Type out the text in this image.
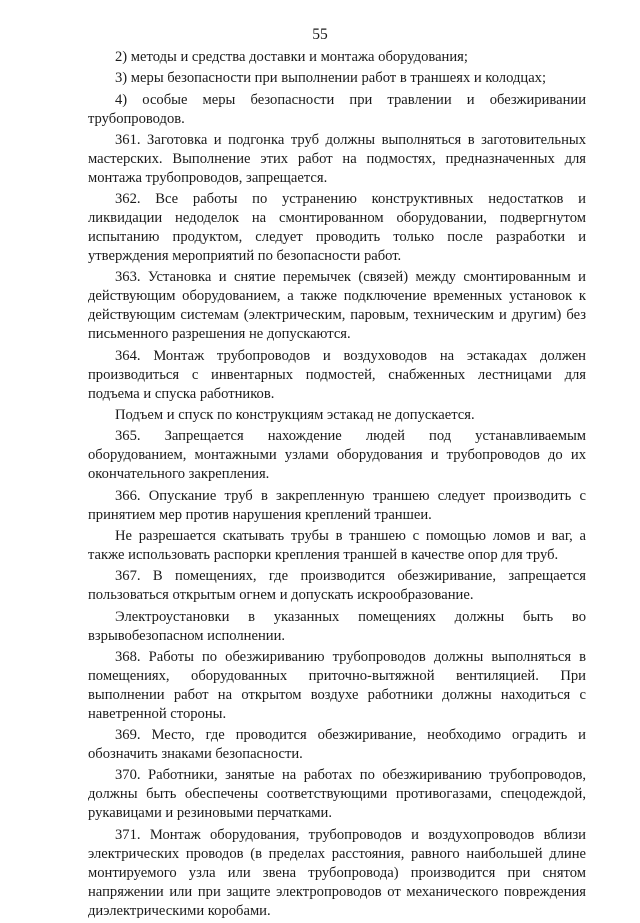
55

2) методы и средства доставки и монтажа оборудования;

3) меры безопасности при выполнении работ в траншеях и колодцах;

4) особые меры безопасности при травлении и обезжиривании трубопроводов.

361. Заготовка и подгонка труб должны выполняться в заготовительных мастерских. Выполнение этих работ на подмостях, предназначенных для монтажа трубопроводов, запрещается.

362. Все работы по устранению конструктивных недостатков и ликвидации недоделок на смонтированном оборудовании, подвергнутом испытанию продуктом, следует проводить только после разработки и утверждения мероприятий по безопасности работ.

363. Установка и снятие перемычек (связей) между смонтированным и действующим оборудованием, а также подключение временных установок к действующим системам (электрическим, паровым, техническим и другим) без письменного разрешения не допускаются.

364. Монтаж трубопроводов и воздуховодов на эстакадах должен производиться с инвентарных подмостей, снабженных лестницами для подъема и спуска работников.

Подъем и спуск по конструкциям эстакад не допускается.

365. Запрещается нахождение людей под устанавливаемым оборудованием, монтажными узлами оборудования и трубопроводов до их окончательного закрепления.

366. Опускание труб в закрепленную траншею следует производить с принятием мер против нарушения креплений траншеи.

Не разрешается скатывать трубы в траншею с помощью ломов и ваг, а также использовать распорки крепления траншей в качестве опор для труб.

367. В помещениях, где производится обезжиривание, запрещается пользоваться открытым огнем и допускать искрообразование.

Электроустановки в указанных помещениях должны быть во взрывобезопасном исполнении.

368. Работы по обезжириванию трубопроводов должны выполняться в помещениях, оборудованных приточно-вытяжной вентиляцией. При выполнении работ на открытом воздухе работники должны находиться с наветренной стороны.

369. Место, где проводится обезжиривание, необходимо оградить и обозначить знаками безопасности.

370. Работники, занятые на работах по обезжириванию трубопроводов, должны быть обеспечены соответствующими противогазами, спецодеждой, рукавицами и резиновыми перчатками.

371. Монтаж оборудования, трубопроводов и воздухопроводов вблизи электрических проводов (в пределах расстояния, равного наибольшей длине монтируемого узла или звена трубопровода) производится при снятом напряжении или при защите электропроводов от механического повреждения диэлектрическими коробами.
